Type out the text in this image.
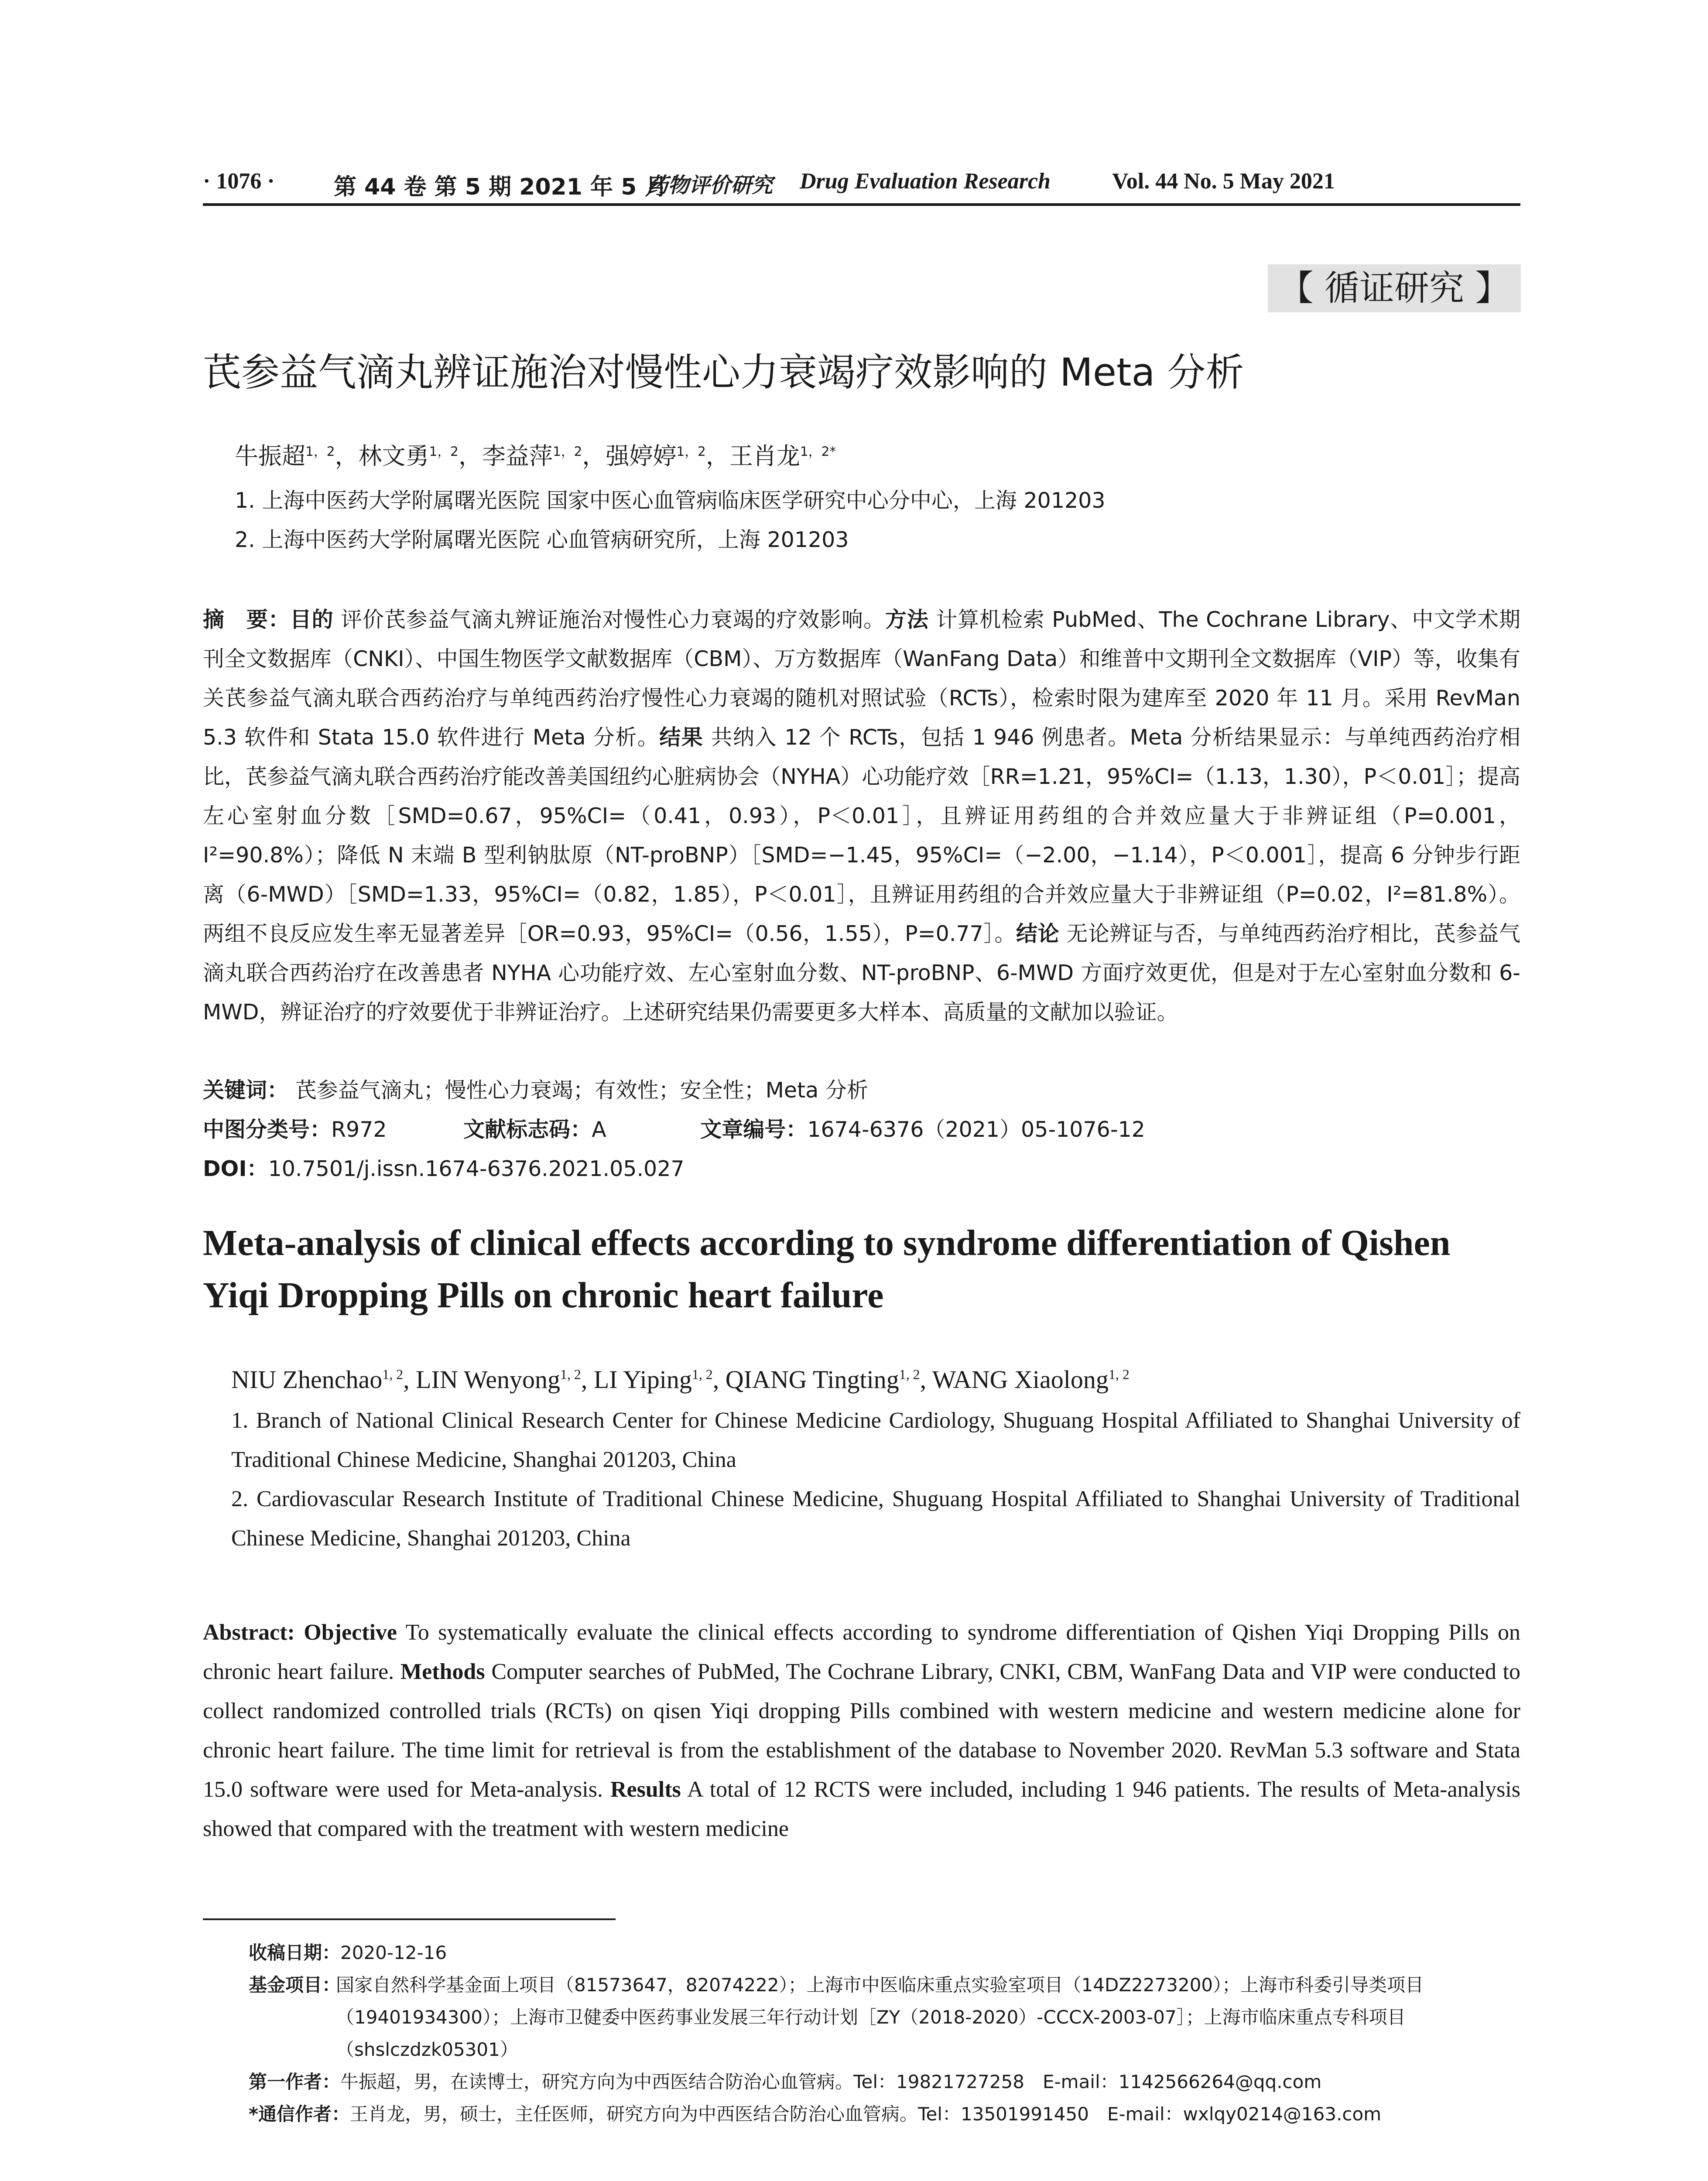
· 1076 ·	第 44 卷 第 5 期 2021 年 5 月
药物评价研究 Drug Evaluation Research	Vol. 44 No. 5 May 2021
【 循证研究 】
芪参益气滴丸辨证施治对慢性心力衰竭疗效影响的 Meta 分析
牛振超$^{1,2}$，林文勇$^{1,2}$，李益萍$^{1,2}$，强婷婷$^{1,2}$，王肖龙$^{1,2*}$
1. 上海中医药大学附属曙光医院 国家中医心血管病临床医学研究中心分中心，上海 201203
2. 上海中医药大学附属曙光医院 心血管病研究所，上海 201203
摘　要：目的 评价芪参益气滴丸辨证施治对慢性心力衰竭的疗效影响。方法 计算机检索 PubMed、The Cochrane Library、中文学术期刊全文数据库（CNKI）、中国生物医学文献数据库（CBM）、万方数据库（WanFang Data）和维普中文期刊全文数据库（VIP）等，收集有关芪参益气滴丸联合西药治疗与单纯西药治疗慢性心力衰竭的随机对照试验（RCTs），检索时限为建库至 2020 年 11 月。采用 RevMan 5.3 软件和 Stata 15.0 软件进行 Meta 分析。结果 共纳入 12 个 RCTs，包括 1 946 例患者。Meta 分析结果显示：与单纯西药治疗相比，芪参益气滴丸联合西药治疗能改善美国纽约心脏病协会（NYHA）心功能疗效［RR=1.21，95%CI=（1.13，1.30），P＜0.01］；提高左心室射血分数［SMD=0.67，95%CI=（0.41，0.93），P＜0.01］，且辨证用药组的合并效应量大于非辨证组（P=0.001，I²=90.8%）；降低 N 末端 B 型利钠肽原（NT-proBNP）［SMD=−1.45，95%CI=（−2.00，−1.14），P＜0.001］，提高 6 分钟步行距离（6-MWD）［SMD=1.33，95%CI=（0.82，1.85），P＜0.01］，且辨证用药组的合并效应量大于非辨证组（P=0.02，I²=81.8%）。两组不良反应发生率无显著差异［OR=0.93，95%CI=（0.56，1.55），P=0.77］。结论 无论辨证与否，与单纯西药治疗相比，芪参益气滴丸联合西药治疗在改善患者 NYHA 心功能疗效、左心室射血分数、NT-proBNP、6-MWD 方面疗效更优，但是对于左心室射血分数和 6-MWD，辨证治疗的疗效要优于非辨证治疗。上述研究结果仍需要更多大样本、高质量的文献加以验证。
关键词： 芪参益气滴丸；慢性心力衰竭；有效性；安全性；Meta 分析
中图分类号：R972	文献标志码：A	文章编号：1674-6376（2021）05-1076-12
DOI：10.7501/j.issn.1674-6376.2021.05.027
Meta-analysis of clinical effects according to syndrome differentiation of Qishen Yiqi Dropping Pills on chronic heart failure
NIU Zhenchao$^{1, 2}$, LIN Wenyong$^{1, 2}$, LI Yiping$^{1, 2}$, QIANG Tingting$^{1, 2}$, WANG Xiaolong$^{1, 2}$
1. Branch of National Clinical Research Center for Chinese Medicine Cardiology, Shuguang Hospital Affiliated to Shanghai University of Traditional Chinese Medicine, Shanghai 201203, China
2. Cardiovascular Research Institute of Traditional Chinese Medicine, Shuguang Hospital Affiliated to Shanghai University of Traditional Chinese Medicine, Shanghai 201203, China
Abstract: Objective To systematically evaluate the clinical effects according to syndrome differentiation of Qishen Yiqi Dropping Pills on chronic heart failure. Methods Computer searches of PubMed, The Cochrane Library, CNKI, CBM, WanFang Data and VIP were conducted to collect randomized controlled trials (RCTs) on qisen Yiqi dropping Pills combined with western medicine and western medicine alone for chronic heart failure. The time limit for retrieval is from the establishment of the database to November 2020. RevMan 5.3 software and Stata 15.0 software were used for Meta-analysis. Results A total of 12 RCTS were included, including 1 946 patients. The results of Meta-analysis showed that compared with the treatment with western medicine
收稿日期：2020-12-16
基金项目：
国家自然科学基金面上项目（81573647，82074222）；上海市中医临床重点实验室项目（14DZ2273200）；上海市科委引导类项目（19401934300）；上海市卫健委中医药事业发展三年行动计划［ZY（2018-2020）-CCCX-2003-07］；上海市临床重点专科项目（shslczdzk05301）
第一作者：牛振超，男，在读博士，研究方向为中西医结合防治心血管病。Tel：19821727258　E-mail：1142566264@qq.com
*通信作者：王肖龙，男，硕士，主任医师，研究方向为中西医结合防治心血管病。Tel：13501991450　E-mail：wxlqy0214@163.com
